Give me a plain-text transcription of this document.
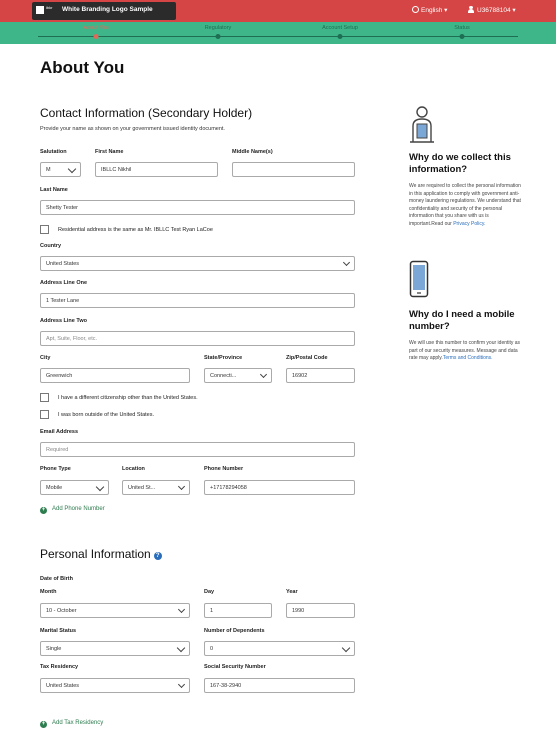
ibkr White Branding Logo Sample	English ▾	U36788104 ▾
About You	Regulatory	Account Setup	Status
About You
Contact Information (Secondary Holder)
Provide your name as shown on your government issued identity document.
Salutation
M
First Name
IBLLC Nikhil
Middle Name(s)
Last Name
Shetty Tester
Residential address is the same as Mr. IBLLC Test Ryan LaCoe
Country
United States
Address Line One
1 Tester Lane
Address Line Two
Apt, Suite, Floor, etc.
City
Greenwich
State/Province
Connecti...
Zip/Postal Code
16902
I have a different citizenship other than the United States.
I was born outside of the United States.
Email Address
Required
Phone Type
Mobile
Location
United St...
Phone Number
+17178294058
+ Add Phone Number
Personal Information ?
Date of Birth
Month
10 - October
Day
1
Year
1990
Marital Status
Single
Number of Dependents
0
Tax Residency
United States
Social Security Number
167-38-2940
+ Add Tax Residency
Why do we collect this information?
We are required to collect the personal information in this application to comply with government anti-money laundering regulations. We understand that confidentiality and security of the personal information that you share with us is important.Read our Privacy Policy.
Why do I need a mobile number?
We will use this number to confirm your identity as part of our security measures. Message and data rate may apply.Terms and Conditions.
